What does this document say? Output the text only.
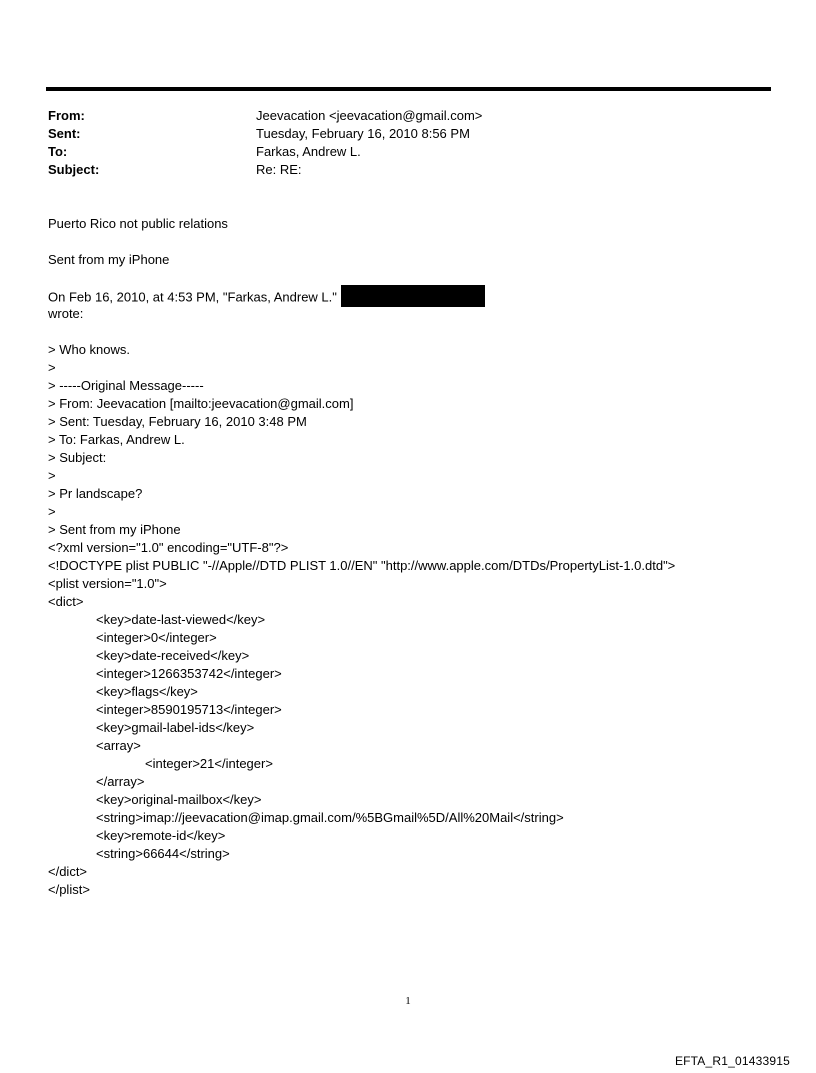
From:	Jeevacation <jeevacation@gmail.com>
Sent:	Tuesday, February 16, 2010 8:56 PM
To:	Farkas, Andrew L.
Subject:	Re: RE:
Puerto Rico not public relations
Sent from my iPhone
On Feb 16, 2010, at 4:53 PM, "Farkas, Andrew L."
wrote:
> Who knows.
>
> -----Original Message-----
> From: Jeevacation [mailto:jeevacation@gmail.com]
> Sent: Tuesday, February 16, 2010 3:48 PM
> To: Farkas, Andrew L.
> Subject:
>
> Pr landscape?
>
> Sent from my iPhone
<?xml version="1.0" encoding="UTF-8"?>
<!DOCTYPE plist PUBLIC "-//Apple//DTD PLIST 1.0//EN" "http://www.apple.com/DTDs/PropertyList-1.0.dtd">
<plist version="1.0">
<dict>
<key>date-last-viewed</key>
<integer>0</integer>
<key>date-received</key>
<integer>1266353742</integer>
<key>flags</key>
<integer>8590195713</integer>
<key>gmail-label-ids</key>
<array>
<integer>21</integer>
</array>
<key>original-mailbox</key>
<string>imap://jeevacation@imap.gmail.com/%5BGmail%5D/All%20Mail</string>
<key>remote-id</key>
<string>66644</string>
</dict>
</plist>
1
EFTA_R1_01433915
